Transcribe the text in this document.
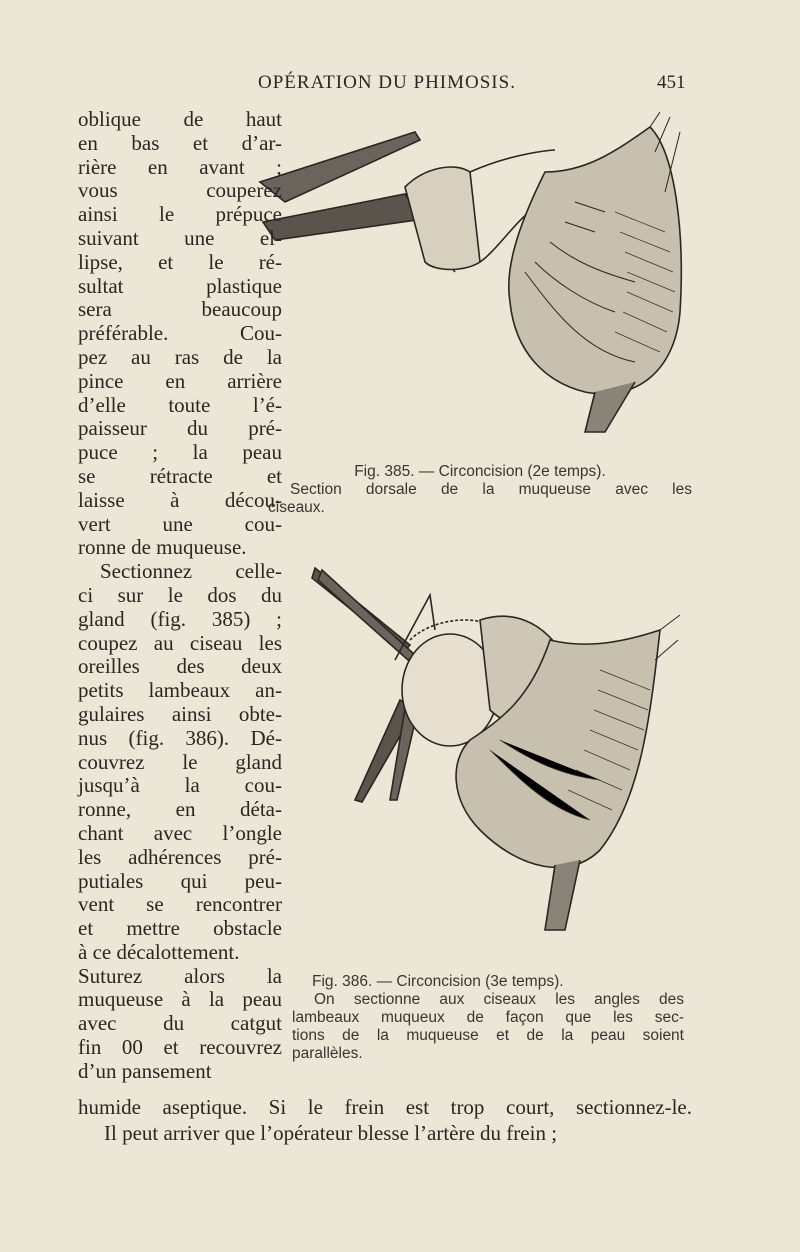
OPÉRATION DU PHIMOSIS.	451
Fig. 385. — Circoncision (2e temps).
Section dorsale de la muqueuse avec les
ciseaux.
Fig. 386. — Circoncision (3e temps).
On sectionne aux ciseaux les angles des
lambeaux muqueux de façon que les sec-
tions de la muqueuse et de la peau soient
parallèles.
oblique de haut
en bas et d’ar-
rière en avant ;
vous couperez
ainsi le prépuce
suivant une el-
lipse, et le ré-
sultat plastique
sera beaucoup
préférable. Cou-
pez au ras de la
pince en arrière
d’elle toute l’é-
paisseur du pré-
puce ; la peau
se rétracte et
laisse à décou-
vert une cou-
ronne de muqueuse.
Sectionnez celle-
ci sur le dos du
gland (fig. 385) ;
coupez au ciseau les
oreilles des deux
petits lambeaux an-
gulaires ainsi obte-
nus (fig. 386). Dé-
couvrez le gland
jusqu’à la cou-
ronne, en déta-
chant avec l’ongle
les adhérences pré-
putiales qui peu-
vent se rencontrer
et mettre obstacle
à ce décalottement.
Suturez alors la
muqueuse à la peau
avec du catgut
fin 00 et recouvrez
d’un pansement
humide aseptique. Si le frein est trop court, sectionnez-le.
Il peut arriver que l’opérateur blesse l’artère du frein ;
